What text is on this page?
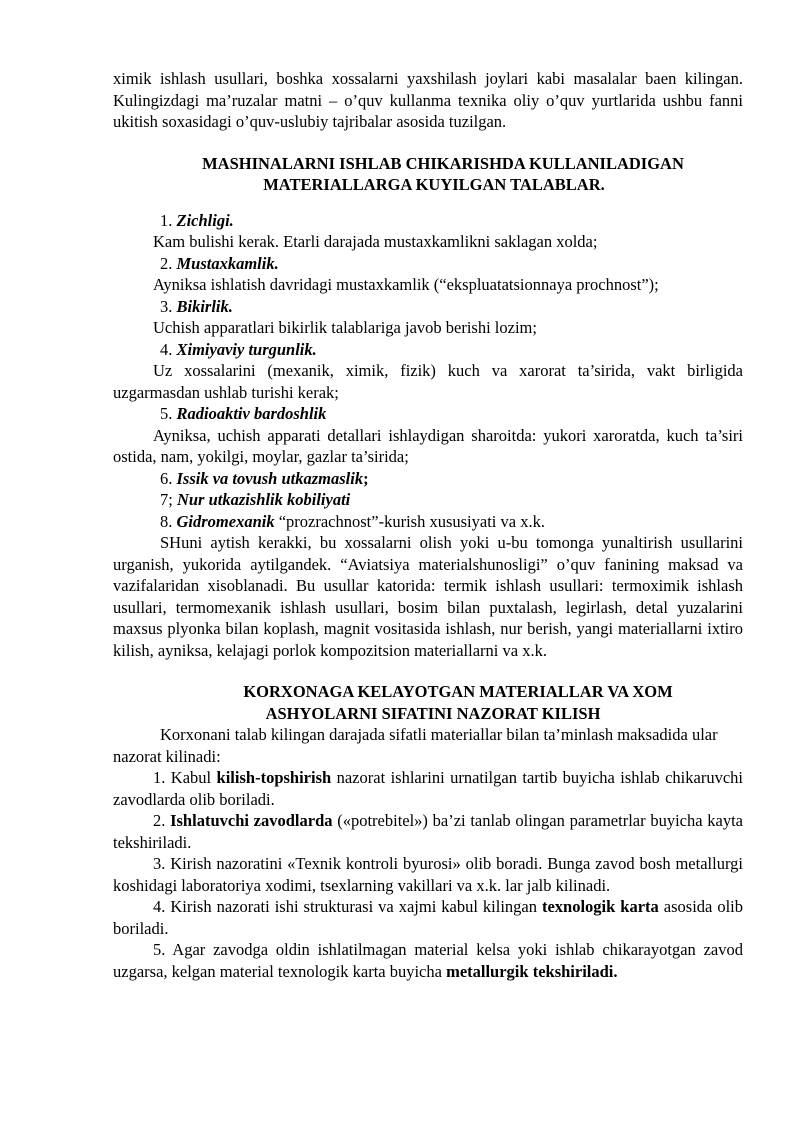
ximik ishlash usullari, boshka xossalarni yaxshilash joylari kabi masalalar baen kilingan. Kulingizdagi ma’ruzalar matni – o’quv kullanma texnika oliy o’quv yurtlarida ushbu fanni ukitish soxasidagi o’quv-uslubiy tajribalar asosida tuzilgan.

MASHINALARNI ISHLAB CHIKARISHDA KULLANILADIGAN

MATERIALLARGA KUYILGAN TALABLAR.

1. Zichligi.

Kam bulishi kerak. Etarli darajada mustaxkamlikni saklagan xolda;

2. Mustaxkamlik.

Ayniksa ishlatish davridagi mustaxkamlik (“ekspluatatsionnaya prochnost”);

3. Bikirlik.

Uchish apparatlari bikirlik talablariga javob berishi lozim;

4. Ximiyaviy turgunlik.

Uz xossalarini (mexanik, ximik, fizik) kuch va xarorat ta’sirida, vakt birligida uzgarmasdan ushlab turishi kerak;

5. Radioaktiv bardoshlik

Ayniksa, uchish apparati detallari ishlaydigan sharoitda: yukori xaroratda, kuch ta’siri ostida, nam, yokilgi, moylar, gazlar ta’sirida;

6. Issik va tovush utkazmaslik;

7; Nur utkazishlik kobiliyati

8. Gidromexanik “prozrachnost”-kurish xususiyati va x.k.

SHuni aytish kerakki, bu xossalarni olish yoki u-bu tomonga yunaltirish usullarini urganish, yukorida aytilgandek. “Aviatsiya materialshunosligi” o’quv fanining maksad va vazifalaridan xisoblanadi. Bu usullar katorida: termik ishlash usullari: termoximik ishlash usullari, termomexanik ishlash usullari, bosim bilan puxtalash, legirlash, detal yuzalarini maxsus plyonka bilan koplash, magnit vositasida ishlash, nur berish, yangi materiallarni ixtiro kilish, ayniksa, kelajagi porlok kompozitsion materiallarni va x.k.

KORXONAGA KELAYOTGAN MATERIALLAR VA XOM

ASHYOLARNI SIFATINI NAZORAT KILISH

Korxonani talab kilingan darajada sifatli materiallar bilan ta’minlash maksadida ular nazorat kilinadi:

1. Kabul kilish-topshirish nazorat ishlarini urnatilgan tartib buyicha ishlab chikaruvchi zavodlarda olib boriladi.

2. Ishlatuvchi zavodlarda («potrebitel») ba’zi tanlab olingan parametrlar buyicha kayta tekshiriladi.

3. Kirish nazoratini «Texnik kontroli byurosi» olib boradi. Bunga zavod bosh metallurgi koshidagi laboratoriya xodimi, tsexlarning vakillari va x.k. lar jalb kilinadi.

4. Kirish nazorati ishi strukturasi va xajmi kabul kilingan texnologik karta asosida olib boriladi.

5. Agar zavodga oldin ishlatilmagan material kelsa yoki ishlab chikarayotgan zavod uzgarsa, kelgan material texnologik karta buyicha metallurgik tekshiriladi.
